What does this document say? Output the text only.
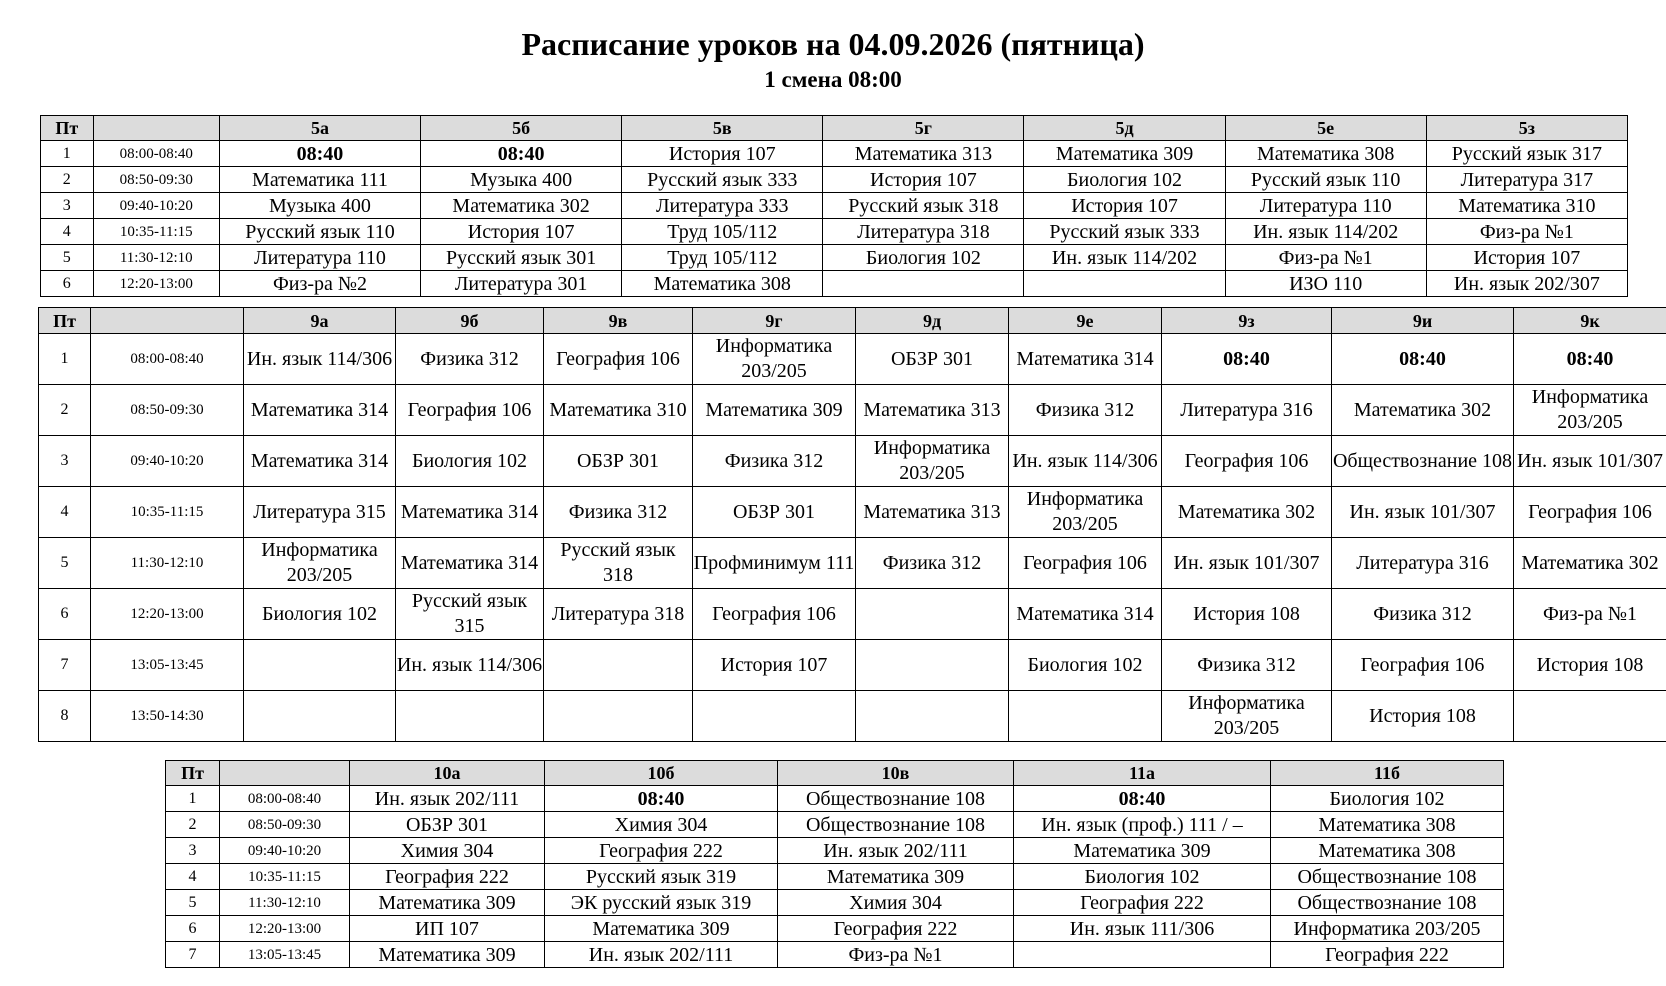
Расписание уроков на 04.09.2026 (пятница)
1 смена 08:00
Пт		5а	5б	5в	5г	5д	5е	5з
1	08:00-08:40	08:40	08:40	История 107	Математика 313	Математика 309	Математика 308	Русский язык 317
2	08:50-09:30	Математика 111	Музыка 400	Русский язык 333	История 107	Биология 102	Русский язык 110	Литература 317
3	09:40-10:20	Музыка 400	Математика 302	Литература 333	Русский язык 318	История 107	Литература 110	Математика 310
4	10:35-11:15	Русский язык 110	История 107	Труд 105/112	Литература 318	Русский язык 333	Ин. язык 114/202	Физ-ра №1
5	11:30-12:10	Литература 110	Русский язык 301	Труд 105/112	Биология 102	Ин. язык 114/202	Физ-ра №1	История 107
6	12:20-13:00	Физ-ра №2	Литература 301	Математика 308			ИЗО 110	Ин. язык 202/307
Пт		9а	9б	9в	9г	9д	9е	9з	9и	9к
1	08:00-08:40	Ин. язык 114/306	Физика 312	География 106	Информатика 203/205	ОБЗР 301	Математика 314	08:40	08:40	08:40
2	08:50-09:30	Математика 314	География 106	Математика 310	Математика 309	Математика 313	Физика 312	Литература 316	Математика 302	Информатика 203/205
3	09:40-10:20	Математика 314	Биология 102	ОБЗР 301	Физика 312	Информатика 203/205	Ин. язык 114/306	География 106	Обществознание 108	Ин. язык 101/307
4	10:35-11:15	Литература 315	Математика 314	Физика 312	ОБЗР 301	Математика 313	Информатика 203/205	Математика 302	Ин. язык 101/307	География 106
5	11:30-12:10	Информатика 203/205	Математика 314	Русский язык 318	Профминимум 111	Физика 312	География 106	Ин. язык 101/307	Литература 316	Математика 302
6	12:20-13:00	Биология 102	Русский язык 315	Литература 318	География 106		Математика 314	История 108	Физика 312	Физ-ра №1
7	13:05-13:45		Ин. язык 114/306		История 107		Биология 102	Физика 312	География 106	История 108
8	13:50-14:30							Информатика 203/205	История 108	
Пт		10а	10б	10в	11а	11б
1	08:00-08:40	Ин. язык 202/111	08:40	Обществознание 108	08:40	Биология 102
2	08:50-09:30	ОБЗР 301	Химия 304	Обществознание 108	Ин. язык (проф.) 111 / –	Математика 308
3	09:40-10:20	Химия 304	География 222	Ин. язык 202/111	Математика 309	Математика 308
4	10:35-11:15	География 222	Русский язык 319	Математика 309	Биология 102	Обществознание 108
5	11:30-12:10	Математика 309	ЭК русский язык 319	Химия 304	География 222	Обществознание 108
6	12:20-13:00	ИП 107	Математика 309	География 222	Ин. язык 111/306	Информатика 203/205
7	13:05-13:45	Математика 309	Ин. язык 202/111	Физ-ра №1		География 222
